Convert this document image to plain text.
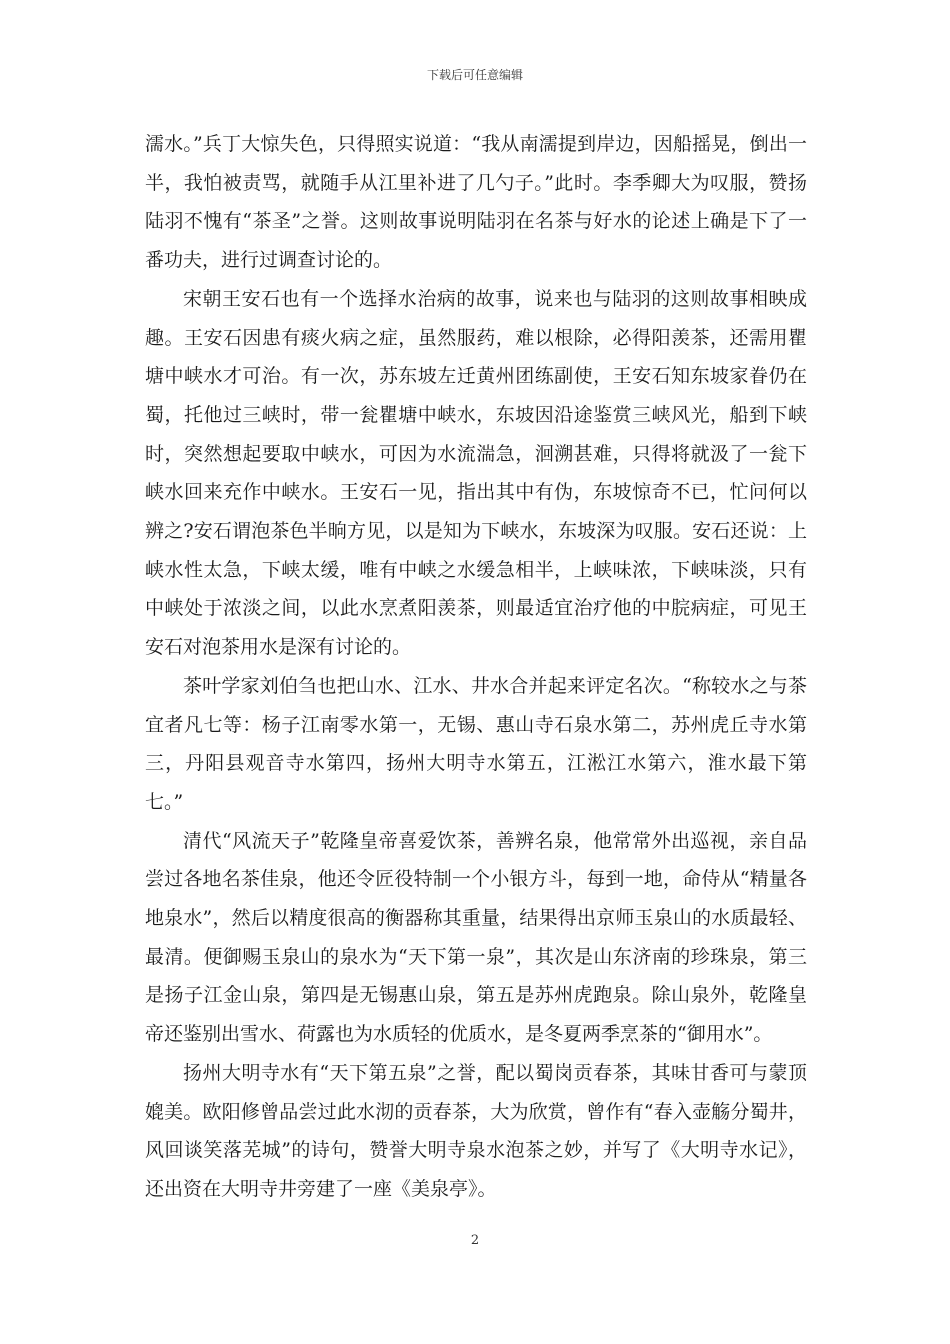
下载后可任意编辑

濡水。”兵丁大惊失色，只得照实说道：“我从南濡提到岸边，因船摇晃，倒出一半，我怕被责骂，就随手从江里补进了几勺子。”此时。李季卿大为叹服，赞扬陆羽不愧有“茶圣”之誉。这则故事说明陆羽在名茶与好水的论述上确是下了一番功夫，进行过调查讨论的。

宋朝王安石也有一个选择水治病的故事，说来也与陆羽的这则故事相映成趣。王安石因患有痰火病之症，虽然服药，难以根除，必得阳羡茶，还需用瞿塘中峡水才可治。有一次，苏东坡左迁黄州团练副使，王安石知东坡家眷仍在蜀，托他过三峡时，带一瓮瞿塘中峡水，东坡因沿途鉴赏三峡风光，船到下峡时，突然想起要取中峡水，可因为水流湍急，洄溯甚难，只得将就汲了一瓮下峡水回来充作中峡水。王安石一见，指出其中有伪，东坡惊奇不已，忙问何以辨之?安石谓泡茶色半晌方见，以是知为下峡水，东坡深为叹服。安石还说：上峡水性太急，下峡太缓，唯有中峡之水缓急相半，上峡味浓，下峡味淡，只有中峡处于浓淡之间，以此水烹煮阳羡茶，则最适宜治疗他的中脘病症，可见王安石对泡茶用水是深有讨论的。

茶叶学家刘伯刍也把山水、江水、井水合并起来评定名次。“称较水之与茶宜者凡七等：杨子江南零水第一，无锡、惠山寺石泉水第二，苏州虎丘寺水第三，丹阳县观音寺水第四，扬州大明寺水第五，江淞江水第六，淮水最下第七。”

清代“风流天子”乾隆皇帝喜爱饮茶，善辨名泉，他常常外出巡视，亲自品尝过各地名茶佳泉，他还令匠役特制一个小银方斗，每到一地，命侍从“精量各地泉水”，然后以精度很高的衡器称其重量，结果得出京师玉泉山的水质最轻、最清。便御赐玉泉山的泉水为“天下第一泉”，其次是山东济南的珍珠泉，第三是扬子江金山泉，第四是无锡惠山泉，第五是苏州虎跑泉。除山泉外，乾隆皇帝还鉴别出雪水、荷露也为水质轻的优质水，是冬夏两季烹茶的“御用水”。

扬州大明寺水有“天下第五泉”之誉，配以蜀岗贡春茶，其味甘香可与蒙顶媲美。欧阳修曾品尝过此水沏的贡春茶，大为欣赏，曾作有“春入壶觞分蜀井，风回谈笑落芜城”的诗句，赞誉大明寺泉水泡茶之妙，并写了《大明寺水记》，还出资在大明寺井旁建了一座《美泉亭》。

2
